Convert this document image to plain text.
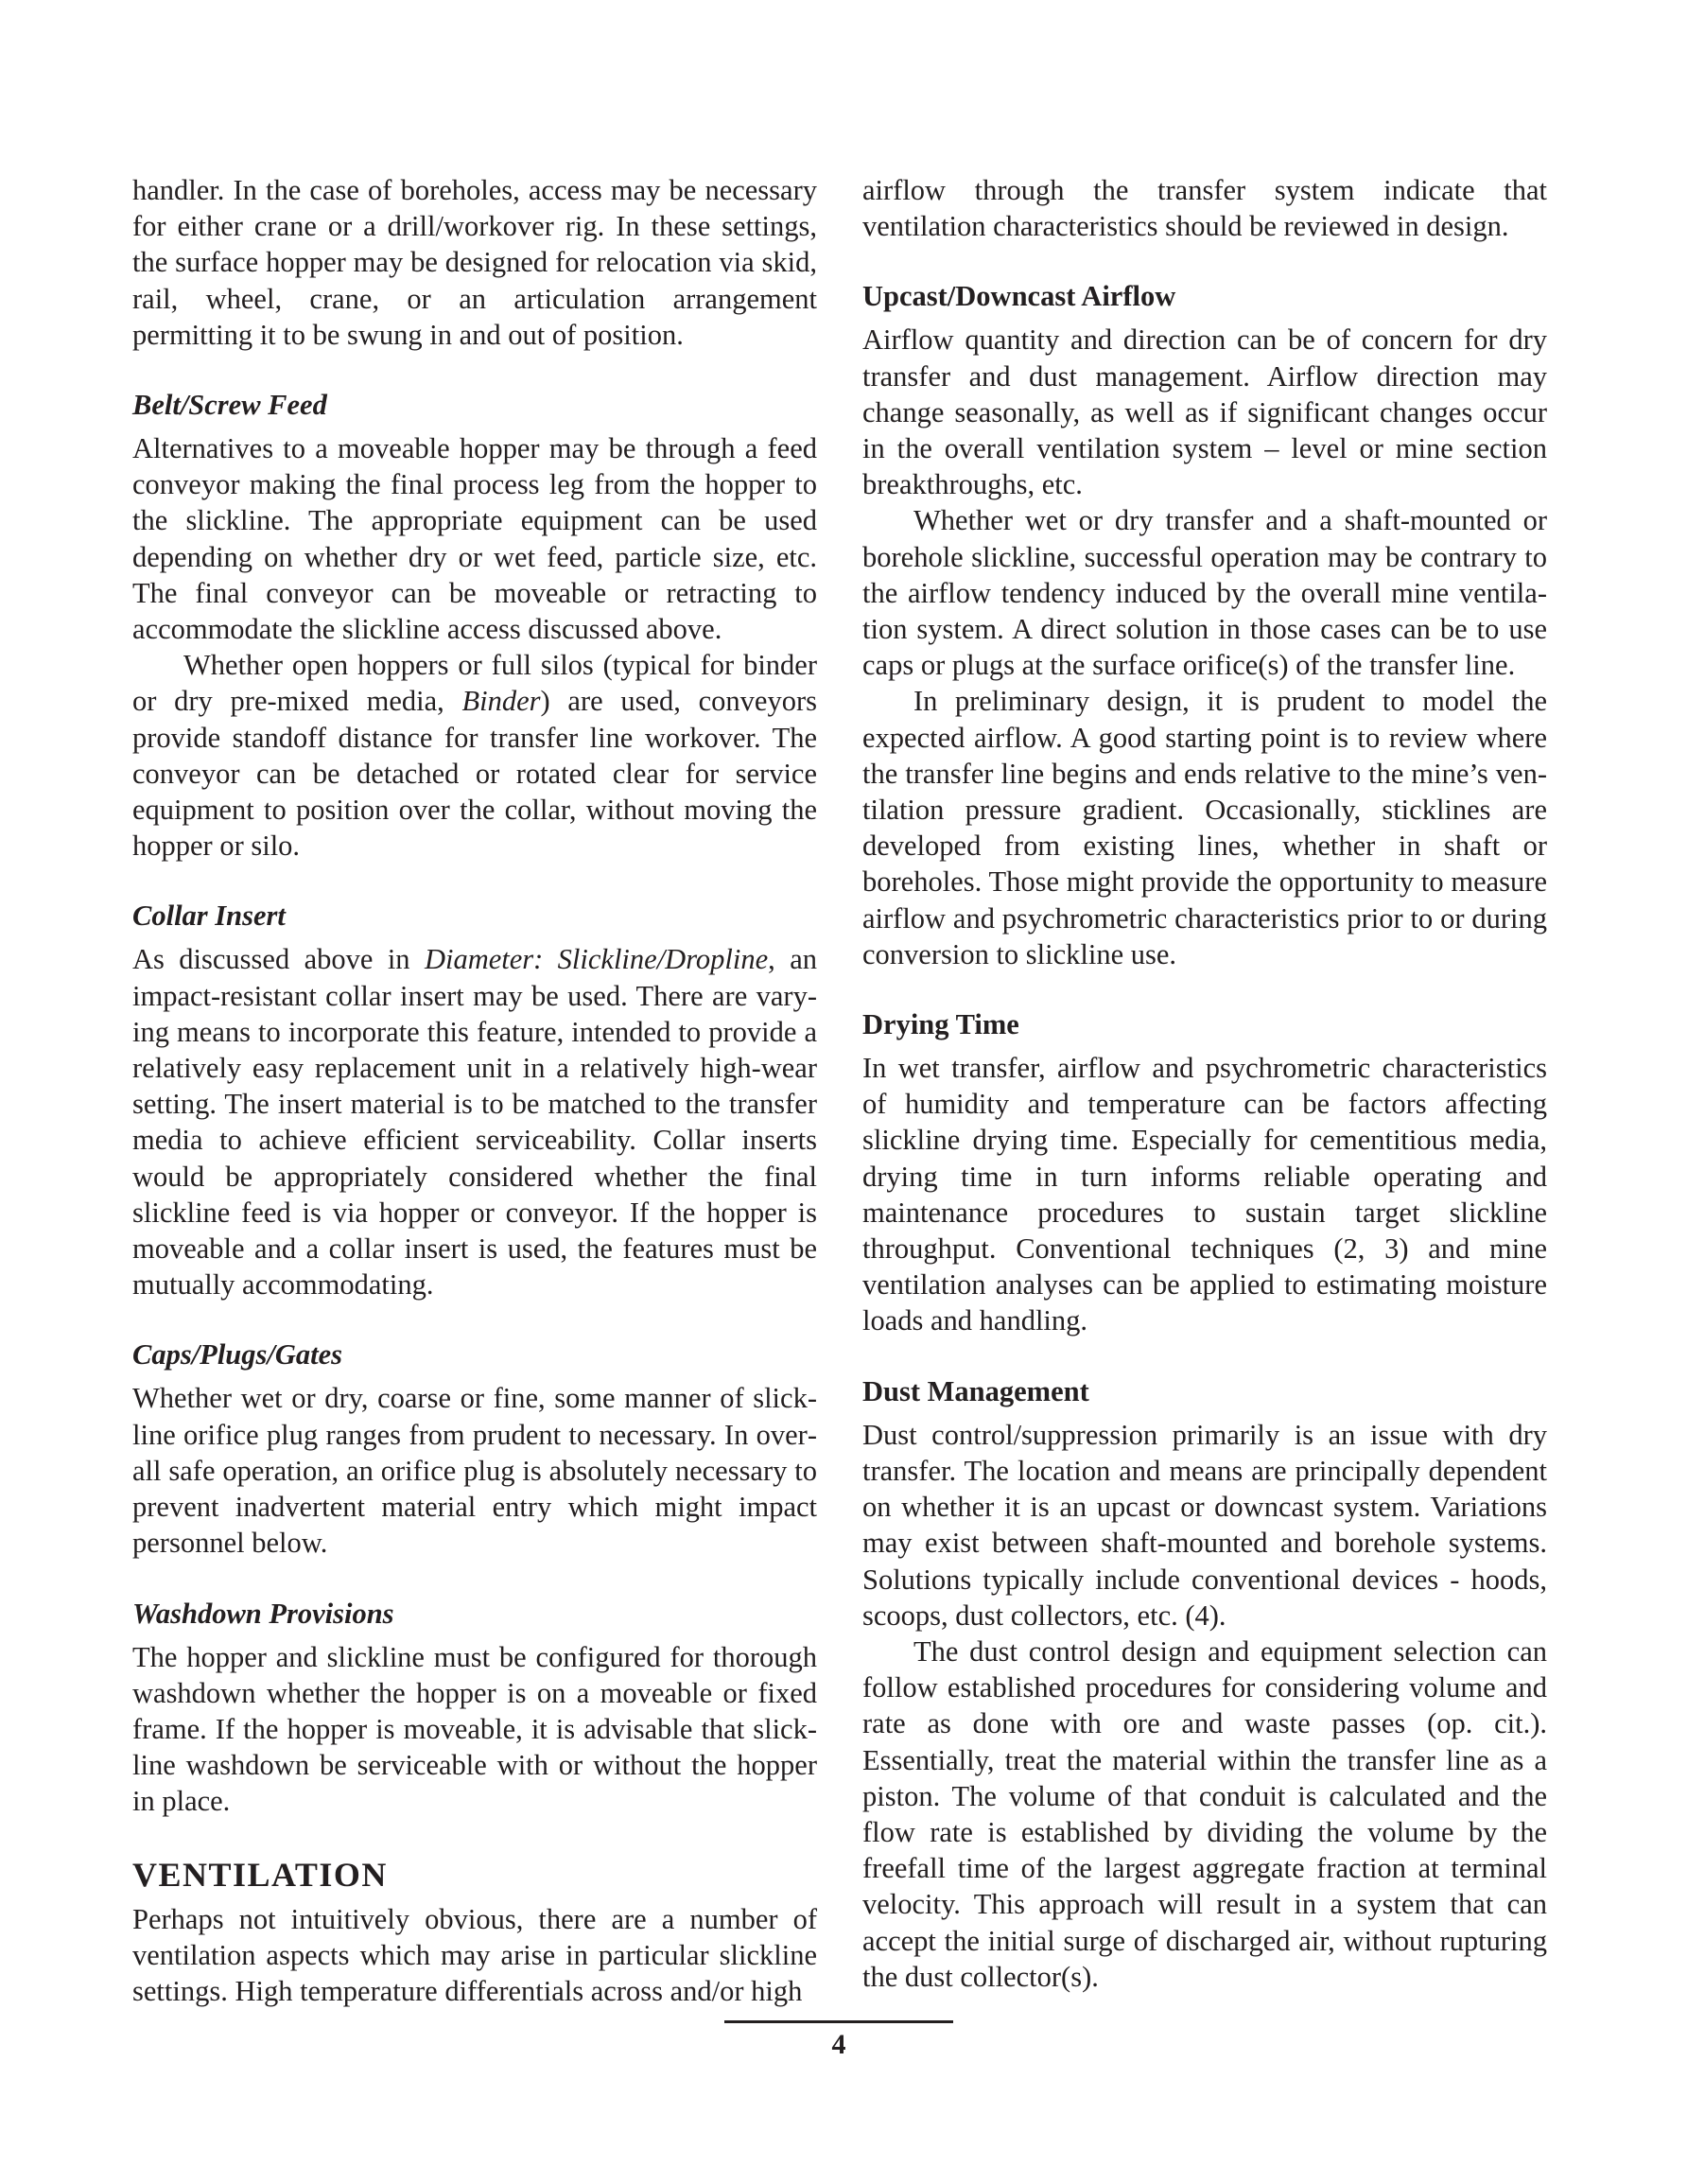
handler. In the case of boreholes, access may be necessary for either crane or a drill/workover rig. In these settings, the surface hopper may be designed for relocation via skid, rail, wheel, crane, or an articulation arrangement permitting it to be swung in and out of position.

Belt/Screw Feed

Alternatives to a moveable hopper may be through a feed conveyor making the final process leg from the hopper to the slickline. The appropriate equipment can be used depending on whether dry or wet feed, particle size, etc. The final conveyor can be moveable or retracting to accommodate the slickline access discussed above.

Whether open hoppers or full silos (typical for binder or dry pre-mixed media, Binder) are used, conveyors provide standoff distance for transfer line workover. The conveyor can be detached or rotated clear for service equipment to position over the collar, without moving the hopper or silo.

Collar Insert

As discussed above in Diameter: Slickline/Dropline, an impact-resistant collar insert may be used. There are varying means to incorporate this feature, intended to provide a relatively easy replacement unit in a relatively high-wear setting. The insert material is to be matched to the transfer media to achieve efficient serviceability. Collar inserts would be appropriately considered whether the final slickline feed is via hopper or conveyor. If the hopper is moveable and a collar insert is used, the features must be mutually accommodating.

Caps/Plugs/Gates

Whether wet or dry, coarse or fine, some manner of slickline orifice plug ranges from prudent to necessary. In overall safe operation, an orifice plug is absolutely necessary to prevent inadvertent material entry which might impact personnel below.

Washdown Provisions

The hopper and slickline must be configured for thorough washdown whether the hopper is on a moveable or fixed frame. If the hopper is moveable, it is advisable that slickline washdown be serviceable with or without the hopper in place.

VENTILATION

Perhaps not intuitively obvious, there are a number of ventilation aspects which may arise in particular slickline settings. High temperature differentials across and/or high

airflow through the transfer system indicate that ventilation characteristics should be reviewed in design.

Upcast/Downcast Airflow

Airflow quantity and direction can be of concern for dry transfer and dust management. Airflow direction may change seasonally, as well as if significant changes occur in the overall ventilation system – level or mine section breakthroughs, etc.

Whether wet or dry transfer and a shaft-mounted or borehole slickline, successful operation may be contrary to the airflow tendency induced by the overall mine ventilation system. A direct solution in those cases can be to use caps or plugs at the surface orifice(s) of the transfer line.

In preliminary design, it is prudent to model the expected airflow. A good starting point is to review where the transfer line begins and ends relative to the mine’s ventilation pressure gradient. Occasionally, sticklines are developed from existing lines, whether in shaft or boreholes. Those might provide the opportunity to measure airflow and psychrometric characteristics prior to or during conversion to slickline use.

Drying Time

In wet transfer, airflow and psychrometric characteristics of humidity and temperature can be factors affecting slickline drying time. Especially for cementitious media, drying time in turn informs reliable operating and maintenance procedures to sustain target slickline throughput. Conventional techniques (2, 3) and mine ventilation analyses can be applied to estimating moisture loads and handling.

Dust Management

Dust control/suppression primarily is an issue with dry transfer. The location and means are principally dependent on whether it is an upcast or downcast system. Variations may exist between shaft-mounted and borehole systems. Solutions typically include conventional devices - hoods, scoops, dust collectors, etc. (4).

The dust control design and equipment selection can follow established procedures for considering volume and rate as done with ore and waste passes (op. cit.). Essentially, treat the material within the transfer line as a piston. The volume of that conduit is calculated and the flow rate is established by dividing the volume by the freefall time of the largest aggregate fraction at terminal velocity. This approach will result in a system that can accept the initial surge of discharged air, without rupturing the dust collector(s).

4
